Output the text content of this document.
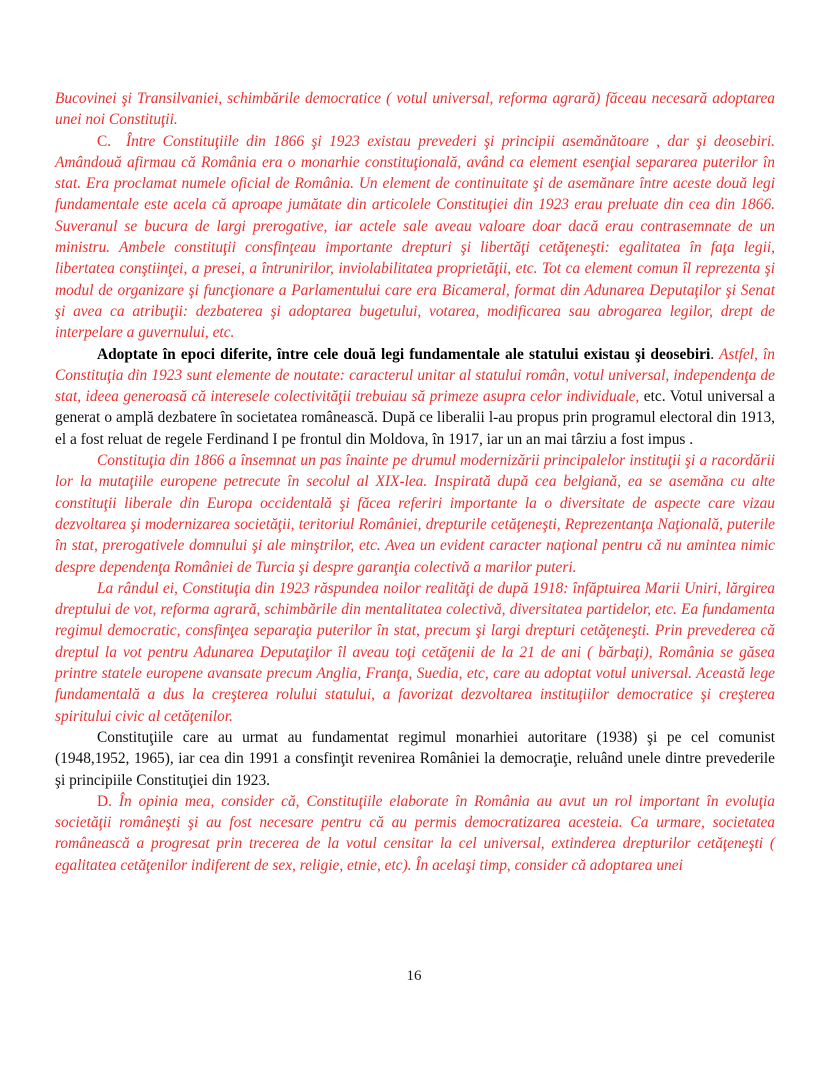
Bucovinei şi Transilvaniei, schimbările democratice ( votul universal, reforma agrară) făceau necesară adoptarea unei noi Constituţii.

C. Între Constituţiile din 1866 şi 1923 existau prevederi şi principii asemănătoare , dar şi deosebiri. Amândouă afirmau că România era o monarhie constituţională, având ca element esenţial separarea puterilor în stat. Era proclamat numele oficial de România. Un element de continuitate şi de asemănare între aceste două legi fundamentale este acela că aproape jumătate din articolele Constituţiei din 1923 erau preluate din cea din 1866. Suveranul se bucura de largi prerogative, iar actele sale aveau valoare doar dacă erau contrasemnate de un ministru. Ambele constituţii consfinţeau importante drepturi şi libertăţi cetăţeneşti: egalitatea în faţa legii, libertatea conştiinţei, a presei, a întrunirilor, inviolabilitatea proprietăţii, etc. Tot ca element comun îl reprezenta şi modul de organizare şi funcţionare a Parlamentului care era Bicameral, format din Adunarea Deputaţilor şi Senat şi avea ca atribuţii: dezbaterea şi adoptarea bugetului, votarea, modificarea sau abrogarea legilor, drept de interpelare a guvernului, etc.

Adoptate în epoci diferite, între cele două legi fundamentale ale statului existau şi deosebiri. Astfel, în Constituţia din 1923 sunt elemente de noutate: caracterul unitar al statului român, votul universal, independenţa de stat, ideea generoasă că interesele colectivităţii trebuiau să primeze asupra celor individuale, etc. Votul universal a generat o amplă dezbatere în societatea românească. După ce liberalii l-au propus prin programul electoral din 1913, el a fost reluat de regele Ferdinand I pe frontul din Moldova, în 1917, iar un an mai târziu a fost impus .

Constituţia din 1866 a însemnat un pas înainte pe drumul modernizării principalelor instituţii şi a racordării lor la mutaţiile europene petrecute în secolul al XIX-lea. Inspirată după cea belgiană, ea se asemăna cu alte constituţii liberale din Europa occidentală şi făcea referiri importante la o diversitate de aspecte care vizau dezvoltarea şi modernizarea societăţii, teritoriul României, drepturile cetăţeneşti, Reprezentanţa Naţională, puterile în stat, prerogativele domnului şi ale minştrilor, etc. Avea un evident caracter naţional pentru că nu amintea nimic despre dependenţa României de Turcia şi despre garanţia colectivă a marilor puteri.

La rândul ei, Constituţia din 1923 răspundea noilor realităţi de după 1918: înfăptuirea Marii Uniri, lărgirea dreptului de vot, reforma agrară, schimbările din mentalitatea colectivă, diversitatea partidelor, etc. Ea fundamenta regimul democratic, consfinţea separaţia puterilor în stat, precum şi largi drepturi cetăţeneşti. Prin prevederea că dreptul la vot pentru Adunarea Deputaţilor îl aveau toţi cetăţenii de la 21 de ani ( bărbaţi), România se găsea printre statele europene avansate precum Anglia, Franţa, Suedia, etc, care au adoptat votul universal. Această lege fundamentală a dus la creşterea rolului statului, a favorizat dezvoltarea instituţiilor democratice şi creşterea spiritului civic al cetăţenilor.

Constituţiile care au urmat au fundamentat regimul monarhiei autoritare (1938) şi pe cel comunist (1948,1952, 1965), iar cea din 1991 a consfinţit revenirea României la democraţie, reluând unele dintre prevederile şi principiile Constituţiei din 1923.

D. În opinia mea, consider că, Constituţiile elaborate în România au avut un rol important în evoluţia societăţii româneşti şi au fost necesare pentru că au permis democratizarea acesteia. Ca urmare, societatea românească a progresat prin trecerea de la votul censitar la cel universal, extinderea drepturilor cetăţeneşti ( egalitatea cetăţenilor indiferent de sex, religie, etnie, etc). În acelaşi timp, consider că adoptarea unei

16
